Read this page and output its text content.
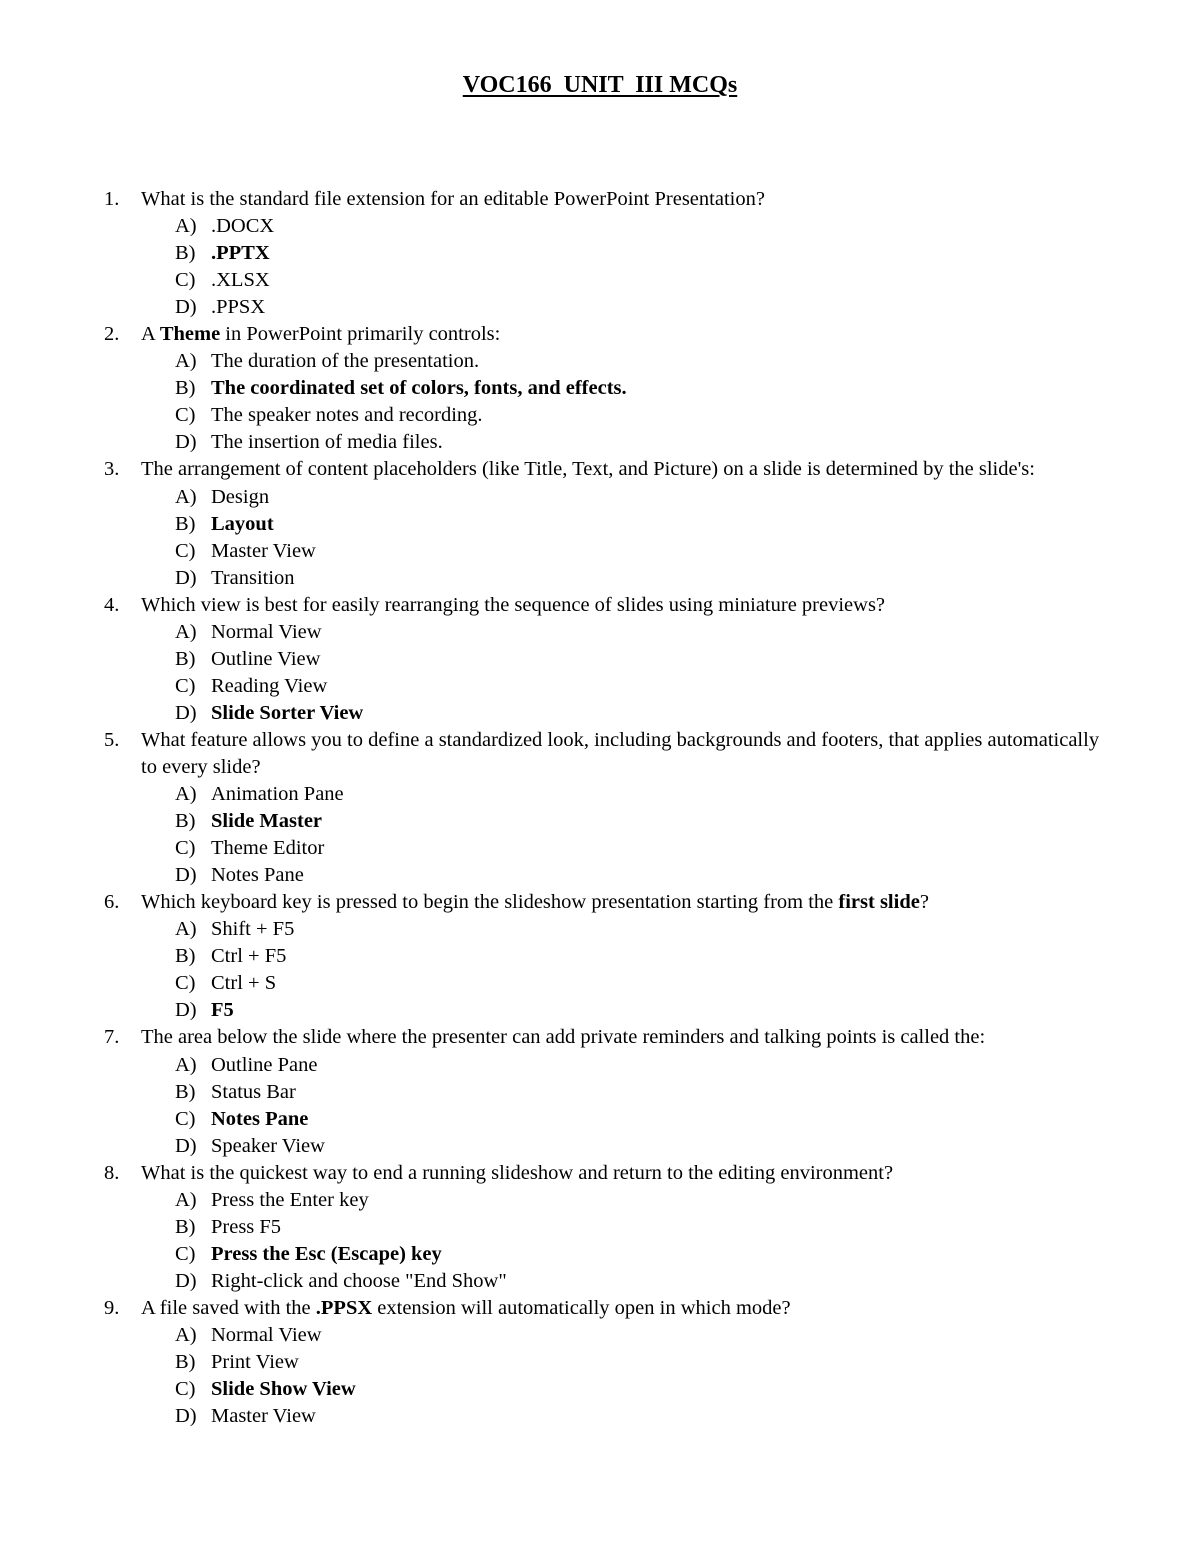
VOC166  UNIT  III MCQs
1. What is the standard file extension for an editable PowerPoint Presentation?
A) .DOCX
B) .PPTX
C) .XLSX
D) .PPSX
2. A Theme in PowerPoint primarily controls:
A) The duration of the presentation.
B) The coordinated set of colors, fonts, and effects.
C) The speaker notes and recording.
D) The insertion of media files.
3. The arrangement of content placeholders (like Title, Text, and Picture) on a slide is determined by the slide's:
A) Design
B) Layout
C) Master View
D) Transition
4. Which view is best for easily rearranging the sequence of slides using miniature previews?
A) Normal View
B) Outline View
C) Reading View
D) Slide Sorter View
5. What feature allows you to define a standardized look, including backgrounds and footers, that applies automatically to every slide?
A) Animation Pane
B) Slide Master
C) Theme Editor
D) Notes Pane
6. Which keyboard key is pressed to begin the slideshow presentation starting from the first slide?
A) Shift + F5
B) Ctrl + F5
C) Ctrl + S
D) F5
7. The area below the slide where the presenter can add private reminders and talking points is called the:
A) Outline Pane
B) Status Bar
C) Notes Pane
D) Speaker View
8. What is the quickest way to end a running slideshow and return to the editing environment?
A) Press the Enter key
B) Press F5
C) Press the Esc (Escape) key
D) Right-click and choose "End Show"
9. A file saved with the .PPSX extension will automatically open in which mode?
A) Normal View
B) Print View
C) Slide Show View
D) Master View
